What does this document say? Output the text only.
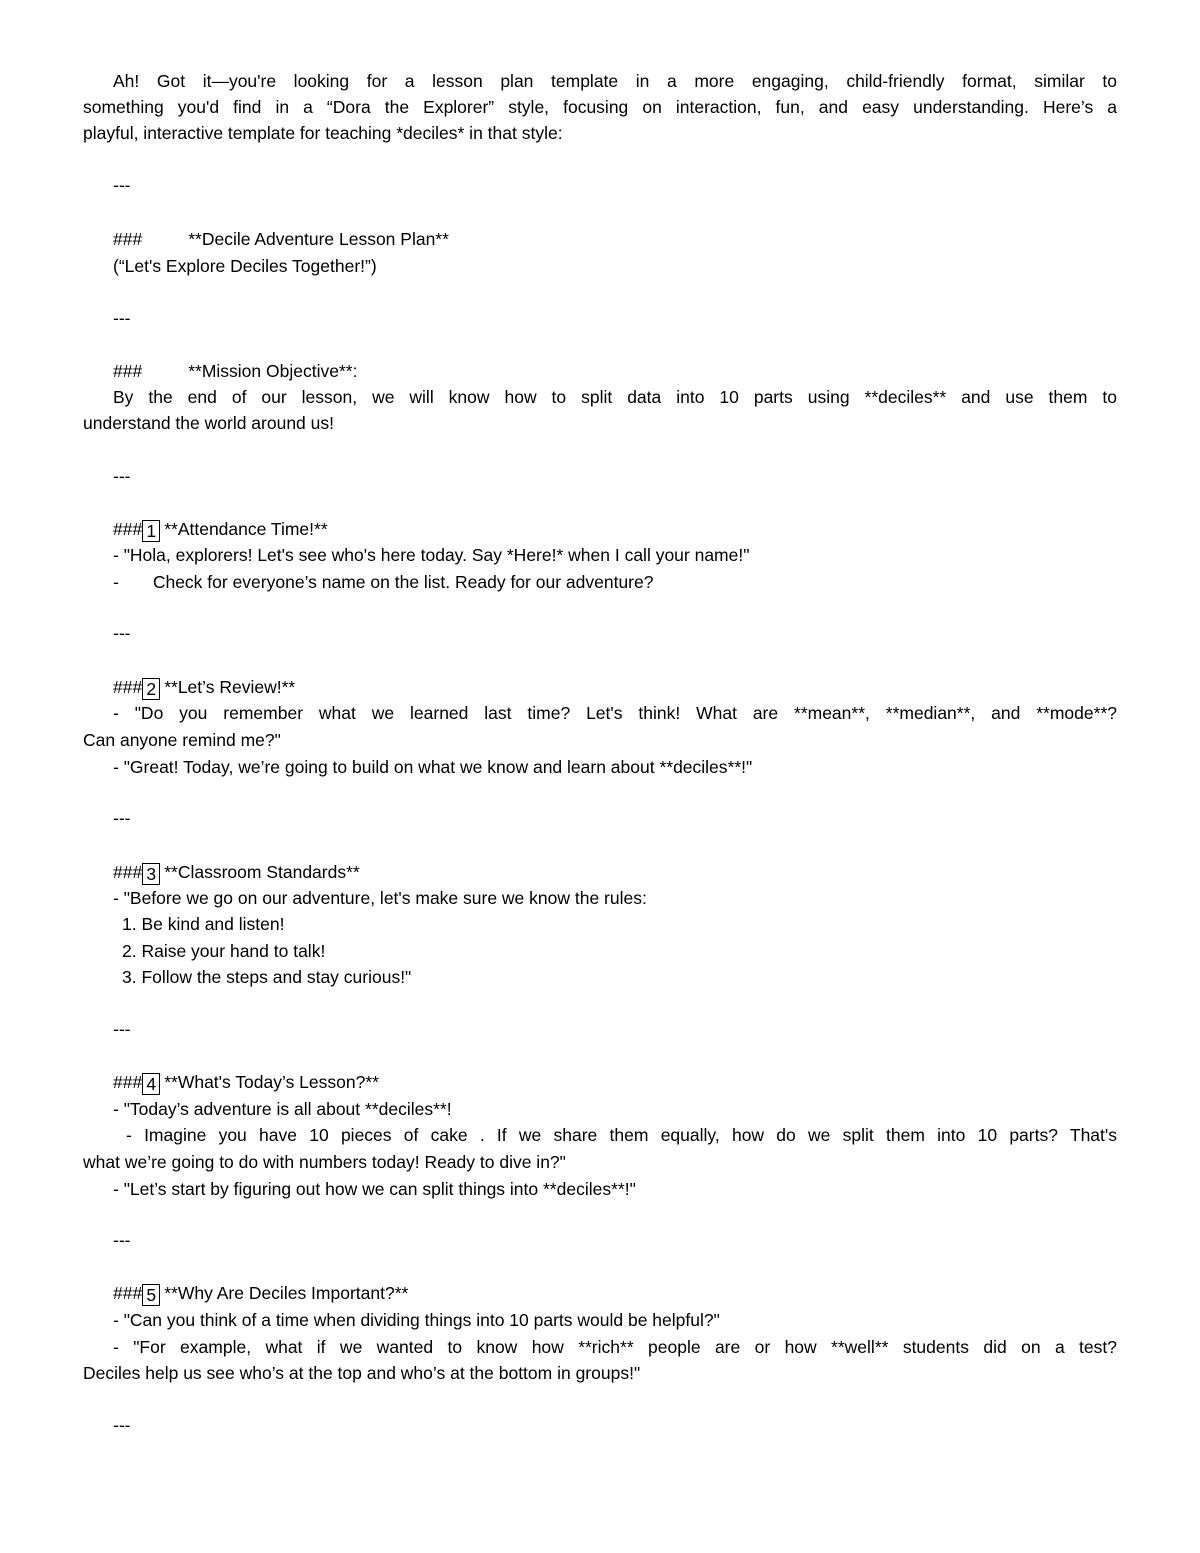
Ah! Got it—you're looking for a lesson plan template in a more engaging, child-friendly format, similar to
something you'd find in a “Dora the Explorer” style, focusing on interaction, fun, and easy understanding. Here’s a
playful, interactive template for teaching *deciles* in that style:
---
###	**Decile Adventure Lesson Plan**
(“Let's Explore Deciles Together!”)
---
###	**Mission Objective**:
By the end of our lesson, we will know how to split data into 10 parts using **deciles** and use them to
understand the world around us!
---
### 1 **Attendance Time!**
- "Hola, explorers! Let's see who's here today. Say *Here!* when I call your name!"
- Check for everyone’s name on the list. Ready for our adventure?
---
### 2 **Let’s Review!**
- "Do you remember what we learned last time? Let's think! What are **mean**, **median**, and **mode**?
Can anyone remind me?"
- "Great! Today, we’re going to build on what we know and learn about **deciles**!"
---
### 3 **Classroom Standards**
- "Before we go on our adventure, let's make sure we know the rules:
1. Be kind and listen!
2. Raise your hand to talk!
3. Follow the steps and stay curious!"
---
### 4 **What's Today’s Lesson?**
- "Today’s adventure is all about **deciles**!
- Imagine you have 10 pieces of cake . If we share them equally, how do we split them into 10 parts? That's
what we’re going to do with numbers today! Ready to dive in?"
- "Let’s start by figuring out how we can split things into **deciles**!"
---
### 5 **Why Are Deciles Important?**
- "Can you think of a time when dividing things into 10 parts would be helpful?"
- "For example, what if we wanted to know how **rich** people are or how **well** students did on a test?
Deciles help us see who’s at the top and who’s at the bottom in groups!"
---
